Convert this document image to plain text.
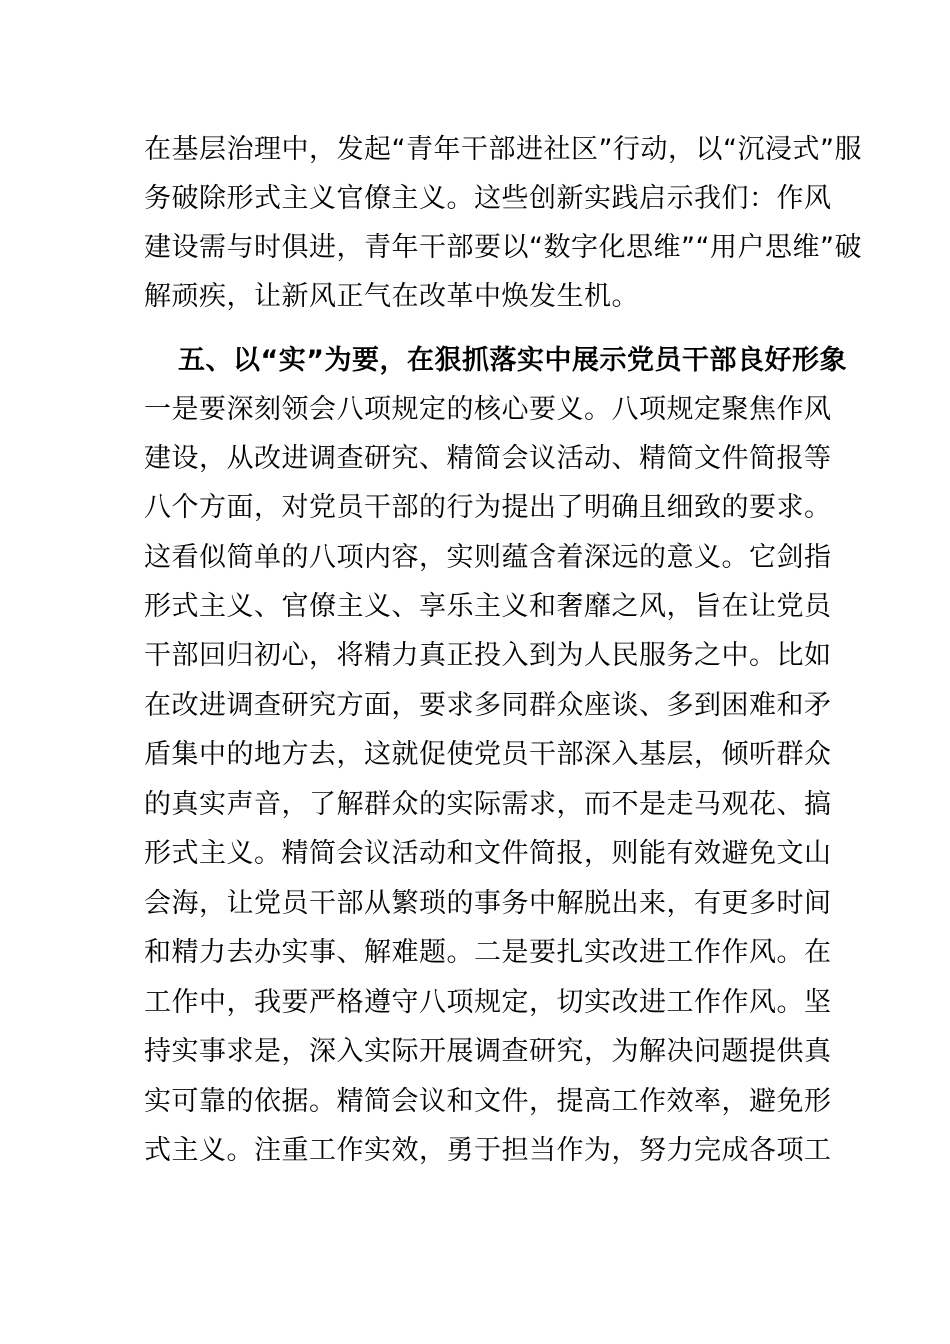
在基层治理中，发起“青年干部进社区”行动，以“沉浸式”服
务破除形式主义官僚主义。这些创新实践启示我们：作风
建设需与时俱进，青年干部要以“数字化思维”“用户思维”破
解顽疾，让新风正气在改革中焕发生机。
五、以“实”为要，在狠抓落实中展示党员干部良好形象
一是要深刻领会八项规定的核心要义。八项规定聚焦作风
建设，从改进调查研究、精简会议活动、精简文件简报等
八个方面，对党员干部的行为提出了明确且细致的要求。
这看似简单的八项内容，实则蕴含着深远的意义。它剑指
形式主义、官僚主义、享乐主义和奢靡之风，旨在让党员
干部回归初心，将精力真正投入到为人民服务之中。比如
在改进调查研究方面，要求多同群众座谈、多到困难和矛
盾集中的地方去，这就促使党员干部深入基层，倾听群众
的真实声音，了解群众的实际需求，而不是走马观花、搞
形式主义。精简会议活动和文件简报，则能有效避免文山
会海，让党员干部从繁琐的事务中解脱出来，有更多时间
和精力去办实事、解难题。二是要扎实改进工作作风。在
工作中，我要严格遵守八项规定，切实改进工作作风。坚
持实事求是，深入实际开展调查研究，为解决问题提供真
实可靠的依据。精简会议和文件，提高工作效率，避免形
式主义。注重工作实效，勇于担当作为，努力完成各项工
